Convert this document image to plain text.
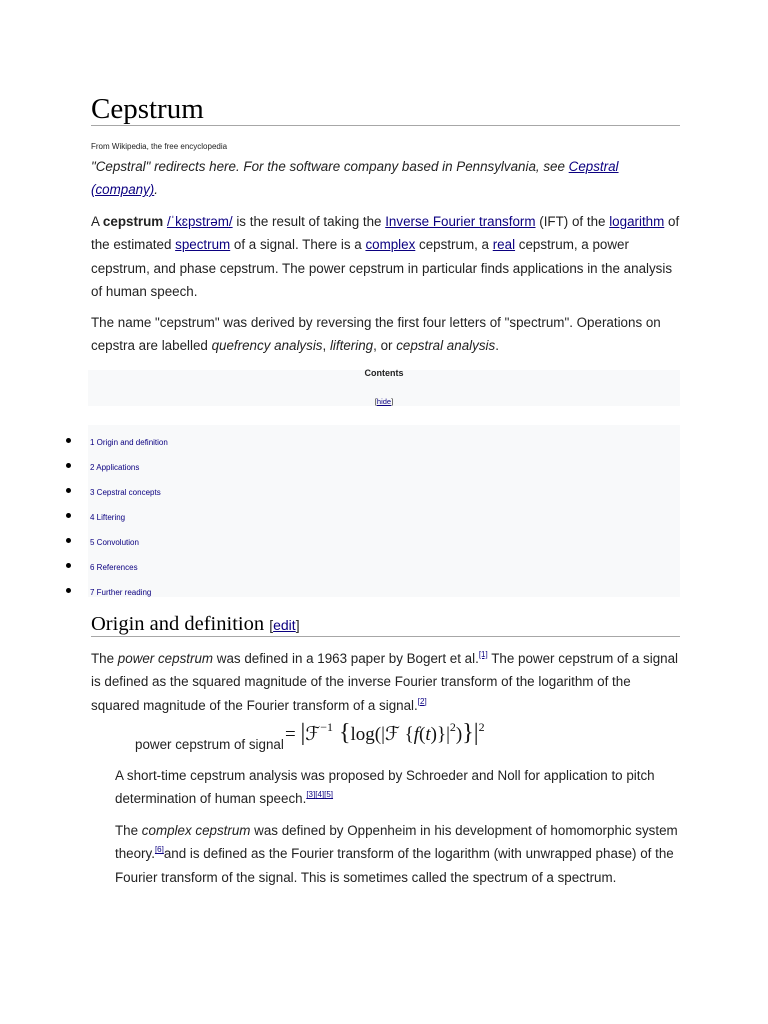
Cepstrum
From Wikipedia, the free encyclopedia

"Cepstral" redirects here. For the software company based in Pennsylvania, see Cepstral (company).

A cepstrum /ˈkɛpstrəm/ is the result of taking the Inverse Fourier transform (IFT) of the logarithm of the estimated spectrum of a signal. There is a complex cepstrum, a real cepstrum, a power cepstrum, and phase cepstrum. The power cepstrum in particular finds applications in the analysis of human speech.

The name "cepstrum" was derived by reversing the first four letters of "spectrum". Operations on cepstra are labelled quefrency analysis, liftering, or cepstral analysis.

Contents
[hide]
1 Origin and definition
2 Applications
3 Cepstral concepts
4 Liftering
5 Convolution
6 References
7 Further reading
Origin and definition [edit]

The power cepstrum was defined in a 1963 paper by Bogert et al.[1] The power cepstrum of a signal is defined as the squared magnitude of the inverse Fourier transform of the logarithm of the squared magnitude of the Fourier transform of a signal.[2]

power cepstrum of signal = |ℱ$^{-1}$ {log(|ℱ $\{f(t)\}|^2)\}|^2$

A short-time cepstrum analysis was proposed by Schroeder and Noll for application to pitch determination of human speech.[3][4][5]

The complex cepstrum was defined by Oppenheim in his development of homomorphic system theory.[6]and is defined as the Fourier transform of the logarithm (with unwrapped phase) of the Fourier transform of the signal. This is sometimes called the spectrum of a spectrum.
